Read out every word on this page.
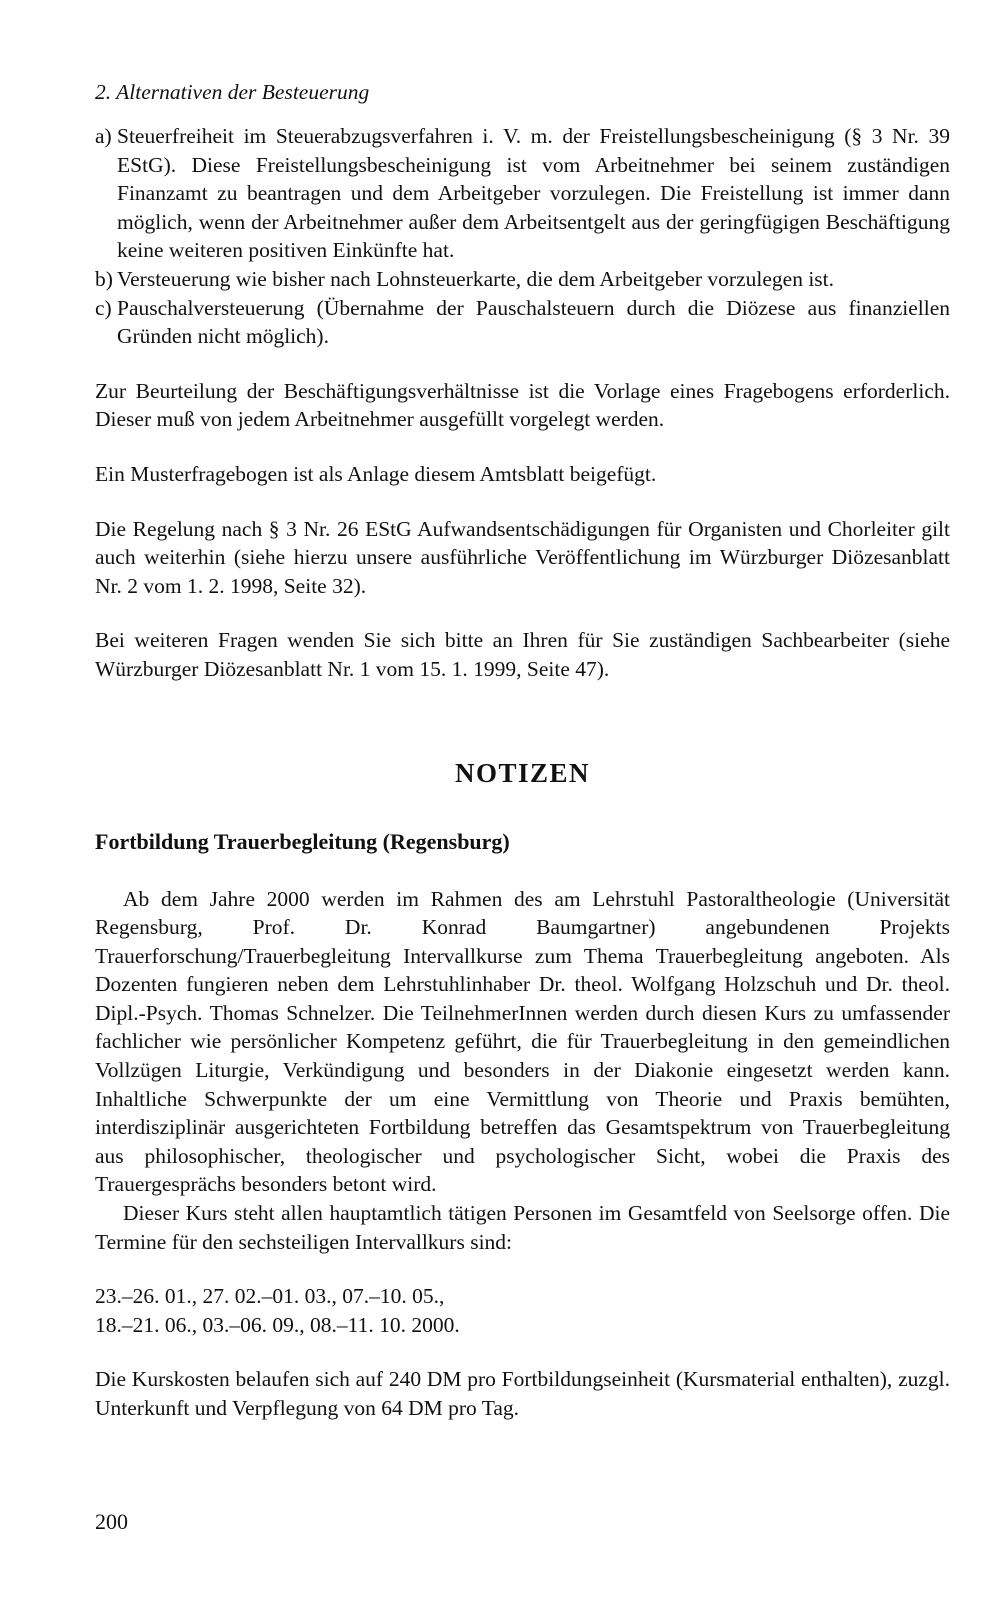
2. Alternativen der Besteuerung
a) Steuerfreiheit im Steuerabzugsverfahren i. V. m. der Freistellungsbescheinigung (§ 3 Nr. 39 EStG). Diese Freistellungsbescheinigung ist vom Arbeitnehmer bei seinem zuständigen Finanzamt zu beantragen und dem Arbeitgeber vorzulegen. Die Freistellung ist immer dann möglich, wenn der Arbeitnehmer außer dem Arbeitsentgelt aus der geringfügigen Beschäftigung keine weiteren positiven Einkünfte hat.
b) Versteuerung wie bisher nach Lohnsteuerkarte, die dem Arbeitgeber vorzulegen ist.
c) Pauschalversteuerung (Übernahme der Pauschalsteuern durch die Diözese aus finanziellen Gründen nicht möglich).

Zur Beurteilung der Beschäftigungsverhältnisse ist die Vorlage eines Fragebogens erforderlich. Dieser muß von jedem Arbeitnehmer ausgefüllt vorgelegt werden.

Ein Musterfragebogen ist als Anlage diesem Amtsblatt beigefügt.

Die Regelung nach § 3 Nr. 26 EStG Aufwandsentschädigungen für Organisten und Chorleiter gilt auch weiterhin (siehe hierzu unsere ausführliche Veröffentlichung im Würzburger Diözesanblatt Nr. 2 vom 1. 2. 1998, Seite 32).

Bei weiteren Fragen wenden Sie sich bitte an Ihren für Sie zuständigen Sachbearbeiter (siehe Würzburger Diözesanblatt Nr. 1 vom 15. 1. 1999, Seite 47).

NOTIZEN
Fortbildung Trauerbegleitung (Regensburg)

Ab dem Jahre 2000 werden im Rahmen des am Lehrstuhl Pastoraltheologie (Universität Regensburg, Prof. Dr. Konrad Baumgartner) angebundenen Projekts Trauerforschung/Trauerbegleitung Intervallkurse zum Thema Trauerbegleitung angeboten. Als Dozenten fungieren neben dem Lehrstuhlinhaber Dr. theol. Wolfgang Holzschuh und Dr. theol. Dipl.-Psych. Thomas Schnelzer. Die TeilnehmerInnen werden durch diesen Kurs zu umfassender fachlicher wie persönlicher Kompetenz geführt, die für Trauerbegleitung in den gemeindlichen Vollzügen Liturgie, Verkündigung und besonders in der Diakonie eingesetzt werden kann. Inhaltliche Schwerpunkte der um eine Vermittlung von Theorie und Praxis bemühten, interdisziplinär ausgerichteten Fortbildung betreffen das Gesamtspektrum von Trauerbegleitung aus philosophischer, theologischer und psychologischer Sicht, wobei die Praxis des Trauergesprächs besonders betont wird.

Dieser Kurs steht allen hauptamtlich tätigen Personen im Gesamtfeld von Seelsorge offen. Die Termine für den sechsteiligen Intervallkurs sind:

23.–26. 01., 27. 02.–01. 03., 07.–10. 05.,
18.–21. 06., 03.–06. 09., 08.–11. 10. 2000.

Die Kurskosten belaufen sich auf 240 DM pro Fortbildungseinheit (Kursmaterial enthalten), zuzgl. Unterkunft und Verpflegung von 64 DM pro Tag.

200
